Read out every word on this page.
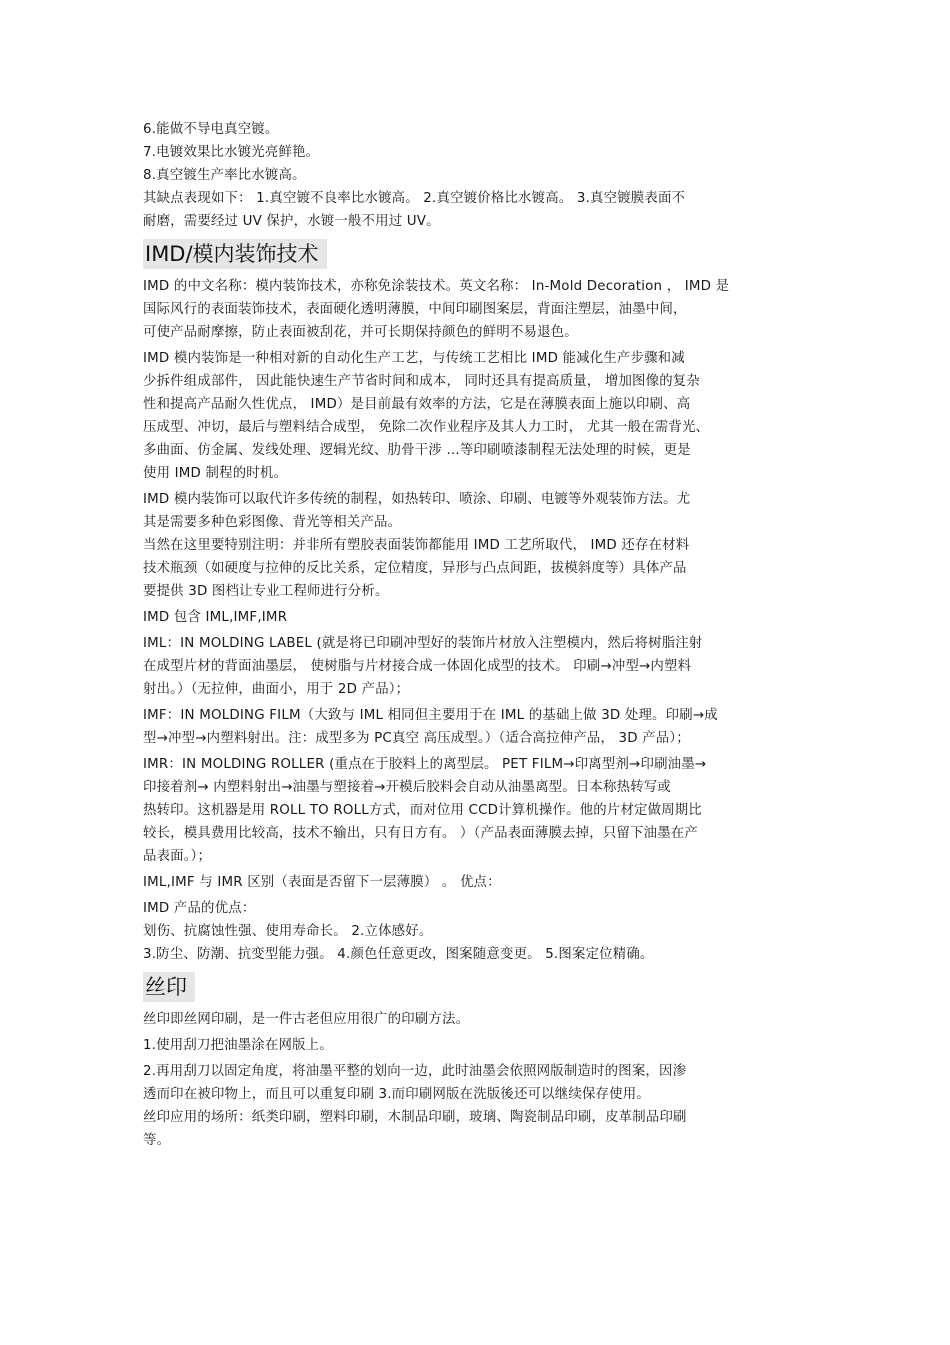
6.能做不导电真空镀。
7.电镀效果比水镀光亮鲜艳。
8.真空镀生产率比水镀高。
其缺点表现如下： 1.真空镀不良率比水镀高。 2.真空镀价格比水镀高。 3.真空镀膜表面不
耐磨，需要经过 UV 保护，水镀一般不用过 UV。
IMD/模内装饰技术
IMD 的中文名称：模内装饰技术，亦称免涂装技术。英文名称： In-Mold Decoration ， IMD 是
国际风行的表面装饰技术，表面硬化透明薄膜，中间印刷图案层，背面注塑层，油墨中间，
可使产品耐摩擦，防止表面被刮花，并可长期保持颜色的鲜明不易退色。
IMD 模内装饰是一种相对新的自动化生产工艺，与传统工艺相比 IMD 能减化生产步骤和减
少拆件组成部件， 因此能快速生产节省时间和成本， 同时还具有提高质量， 增加图像的复杂
性和提高产品耐久性优点， IMD）是目前最有效率的方法，它是在薄膜表面上施以印刷、高
压成型、冲切，最后与塑料结合成型， 免除二次作业程序及其人力工时， 尤其一般在需背光、
多曲面、仿金属、发线处理、逻辑光纹、肋骨干涉 ...等印刷喷漆制程无法处理的时候，更是
使用 IMD 制程的时机。
IMD 模内装饰可以取代许多传统的制程，如热转印、喷涂、印刷、电镀等外观装饰方法。尤
其是需要多种色彩图像、背光等相关产品。
当然在这里要特别注明：并非所有塑胶表面装饰都能用 IMD 工艺所取代， IMD 还存在材料
技术瓶颈（如硬度与拉伸的反比关系，定位精度，异形与凸点间距，拔模斜度等）具体产品
要提供 3D 图档让专业工程师进行分析。
IMD 包含 IML,IMF,IMR
IML：IN MOLDING LABEL (就是将已印刷冲型好的装饰片材放入注塑模内，然后将树脂注射
在成型片材的背面油墨层， 使树脂与片材接合成一体固化成型的技术。 印刷→冲型→内塑料
射出。）（无拉伸，曲面小，用于 2D 产品）；
IMF：IN MOLDING FILM（大致与 IML 相同但主要用于在 IML 的基础上做 3D 处理。印刷→成
型→冲型→内塑料射出。注：成型多为 PC真空 高压成型。）（适合高拉伸产品， 3D 产品）；
IMR：IN MOLDING ROLLER (重点在于胶料上的离型层。 PET FILM→印离型剂→印刷油墨→
印接着剂→ 内塑料射出→油墨与塑接着→开模后胶料会自动从油墨离型。日本称热转写或
热转印。这机器是用 ROLL TO ROLL方式，而对位用 CCD计算机操作。他的片材定做周期比
较长，模具费用比较高，技术不输出，只有日方有。 ）（产品表面薄膜去掉，只留下油墨在产
品表面。）；
IML,IMF 与 IMR 区别（表面是否留下一层薄膜） 。 优点：
IMD 产品的优点：
划伤、抗腐蚀性强、使用寿命长。 2.立体感好。
3.防尘、防潮、抗变型能力强。 4.颜色任意更改，图案随意变更。 5.图案定位精确。
丝印
丝印即丝网印刷，是一件古老但应用很广的印刷方法。
1.使用刮刀把油墨涂在网版上。
2.再用刮刀以固定角度，将油墨平整的划向一边，此时油墨会依照网版制造时的图案，因渗
透而印在被印物上，而且可以重复印刷 3.而印刷网版在洗版後还可以继续保存使用。
丝印应用的场所：纸类印刷，塑料印刷，木制品印刷，玻璃、陶瓷制品印刷，皮革制品印刷
等。
